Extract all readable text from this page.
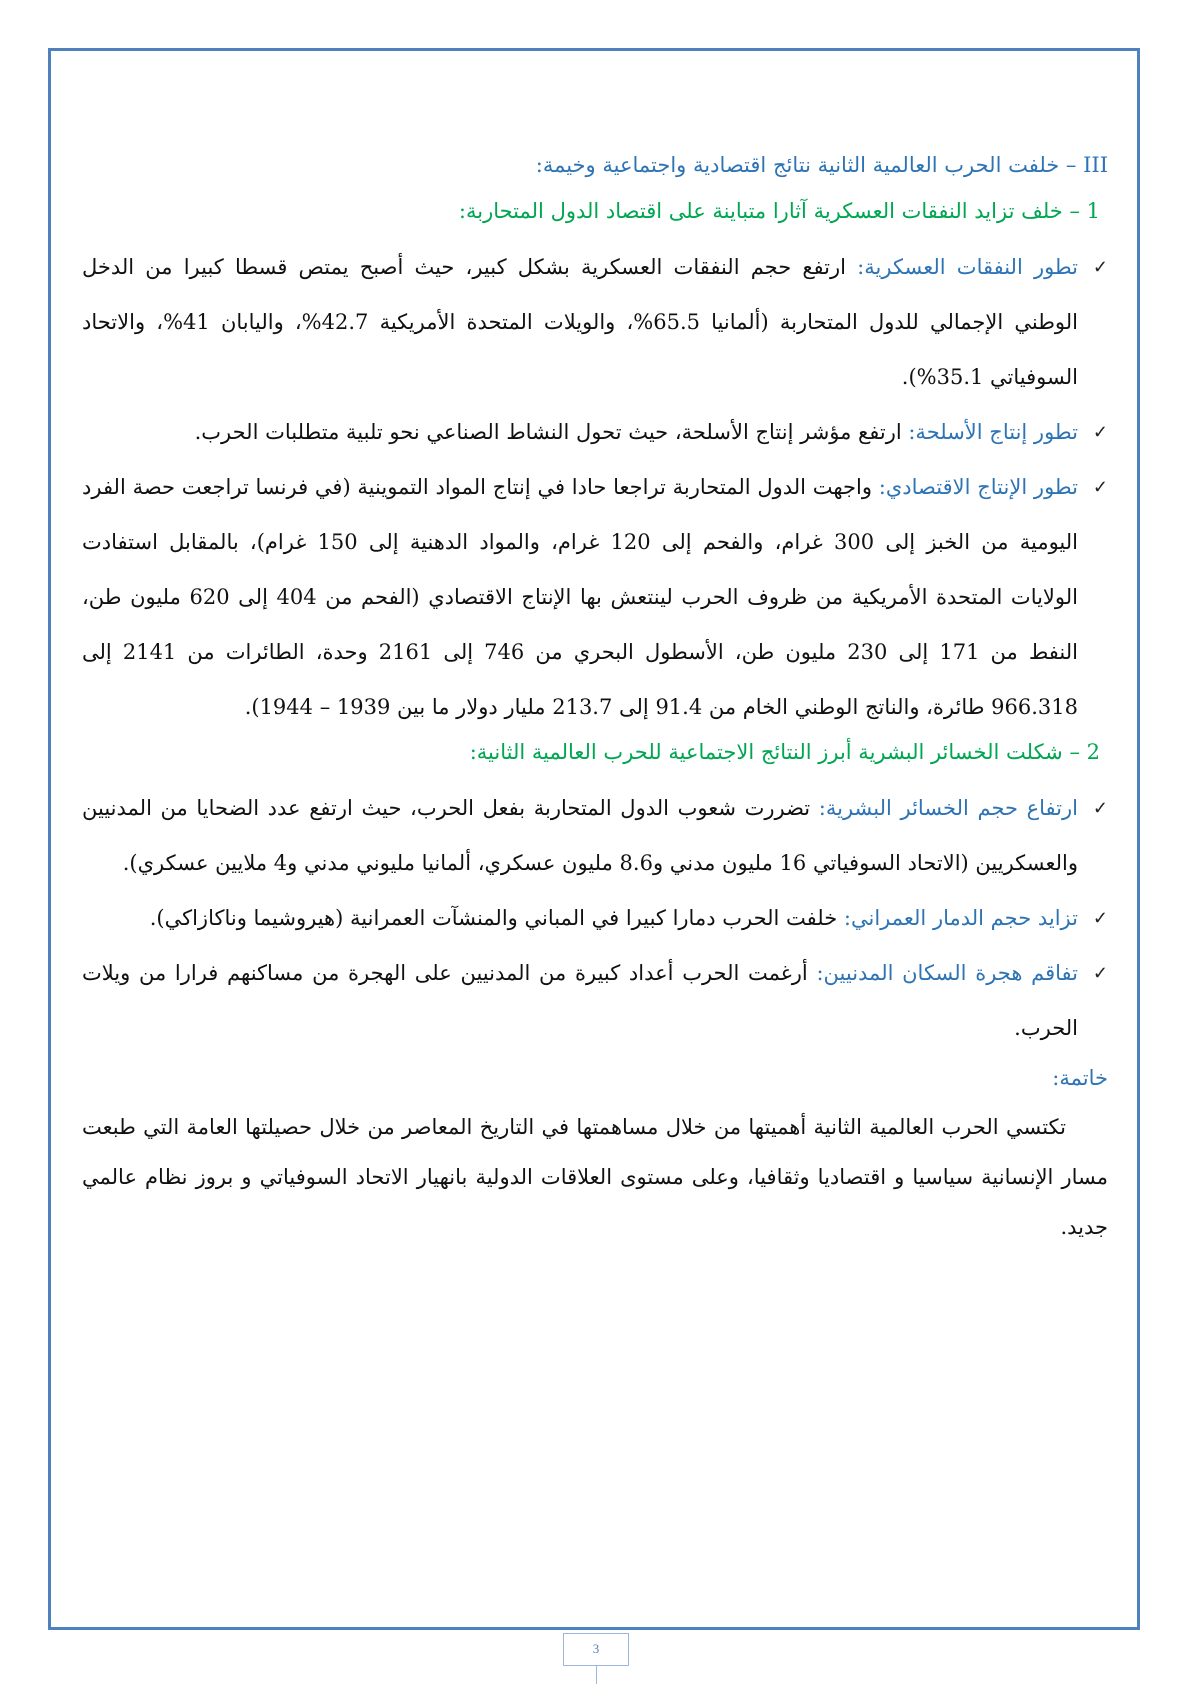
III – خلفت الحرب العالمية الثانية نتائج اقتصادية واجتماعية وخيمة:
1 – خلف تزايد النفقات العسكرية آثارا متباينة على اقتصاد الدول المتحاربة:
✓
تطور النفقات العسكرية: ارتفع حجم النفقات العسكرية بشكل كبير، حيث أصبح يمتص قسطا كبيرا من الدخل الوطني الإجمالي للدول المتحاربة (ألمانيا 65.5%، والويلات المتحدة الأمريكية 42.7%، واليابان 41%، والاتحاد السوفياتي 35.1%).
✓
تطور إنتاج الأسلحة: ارتفع مؤشر إنتاج الأسلحة، حيث تحول النشاط الصناعي نحو تلبية متطلبات الحرب.
✓
تطور الإنتاج الاقتصادي: واجهت الدول المتحاربة تراجعا حادا في إنتاج المواد التموينية (في فرنسا تراجعت حصة الفرد اليومية من الخبز إلى 300 غرام، والفحم إلى 120 غرام، والمواد الدهنية إلى 150 غرام)، بالمقابل استفادت الولايات المتحدة الأمريكية من ظروف الحرب لينتعش بها الإنتاج الاقتصادي (الفحم من 404 إلى 620 مليون طن، النفط من 171 إلى 230 مليون طن، الأسطول البحري من 746 إلى 2161 وحدة، الطائرات من 2141 إلى 966.318 طائرة، والناتج الوطني الخام من 91.4 إلى 213.7 مليار دولار ما بين 1939 – 1944).
2 – شكلت الخسائر البشرية أبرز النتائج الاجتماعية للحرب العالمية الثانية:
✓
ارتفاع حجم الخسائر البشرية: تضررت شعوب الدول المتحاربة بفعل الحرب، حيث ارتفع عدد الضحايا من المدنيين والعسكريين (الاتحاد السوفياتي 16 مليون مدني و8.6 مليون عسكري، ألمانيا مليوني مدني و4 ملايين عسكري).
✓
تزايد حجم الدمار العمراني: خلفت الحرب دمارا كبيرا في المباني والمنشآت العمرانية (هيروشيما وناكازاكي).
✓
تفاقم هجرة السكان المدنيين: أرغمت الحرب أعداد كبيرة من المدنيين على الهجرة من مساكنهم فرارا من ويلات الحرب.
خاتمة:
تكتسي الحرب العالمية الثانية أهميتها من خلال مساهمتها في التاريخ المعاصر من خلال حصيلتها العامة التي طبعت مسار الإنسانية سياسيا و اقتصاديا وثقافيا، وعلى مستوى العلاقات الدولية بانهيار الاتحاد السوفياتي و بروز نظام عالمي جديد.
3
